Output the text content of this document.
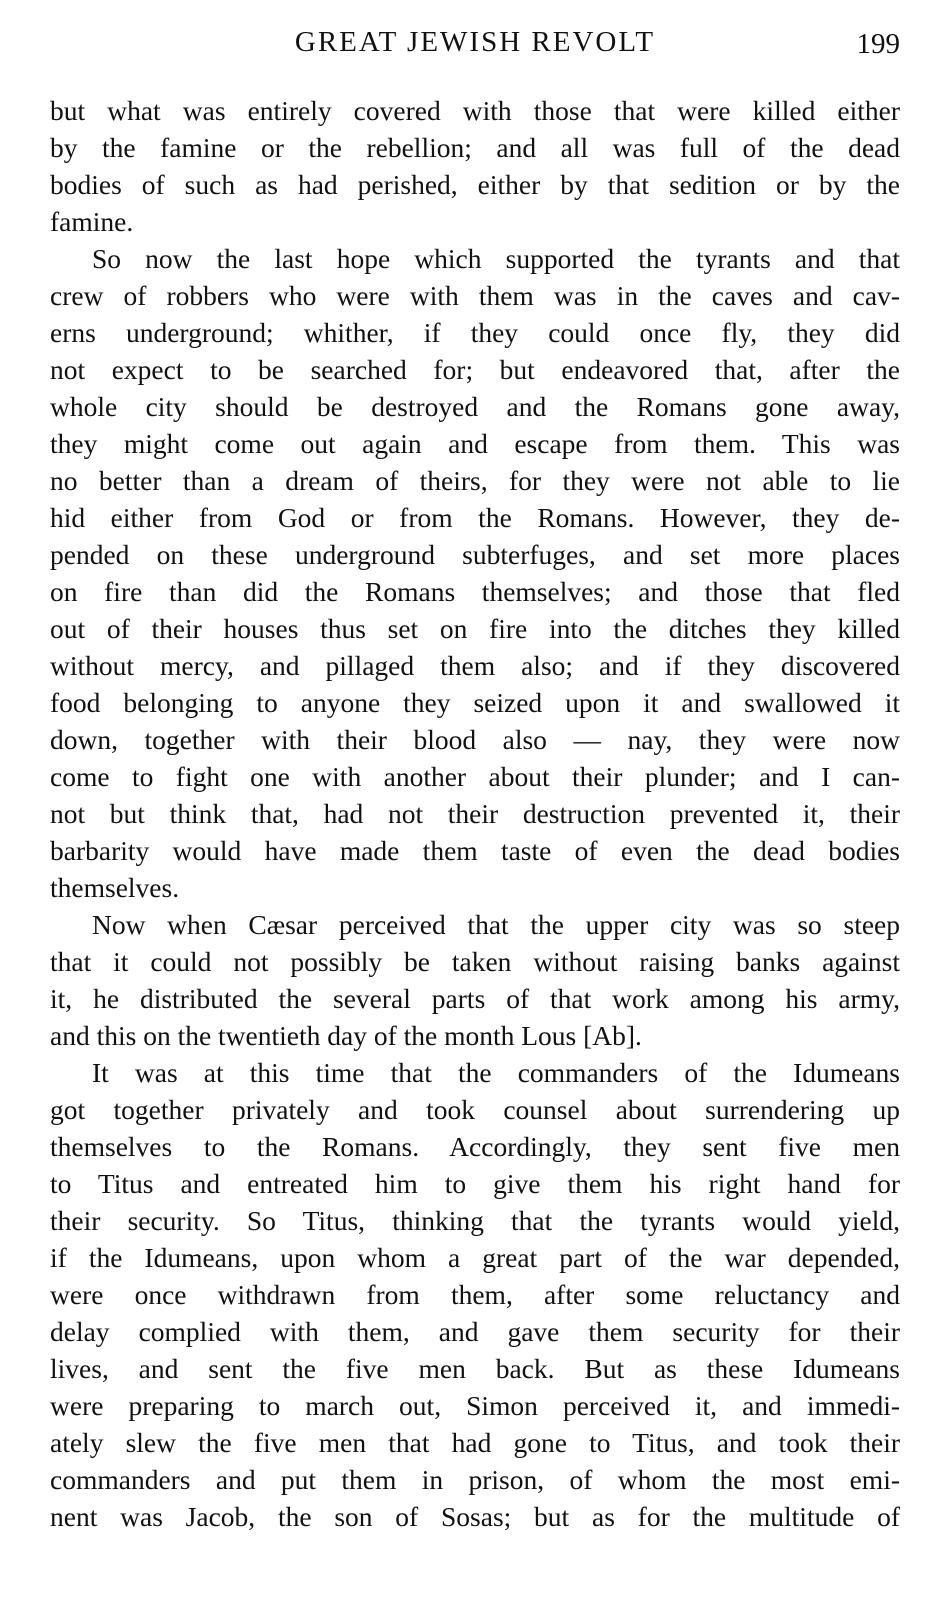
GREAT JEWISH REVOLT	199
but what was entirely covered with those that were killed either
by the famine or the rebellion; and all was full of the dead
bodies of such as had perished, either by that sedition or by the
famine.
So now the last hope which supported the tyrants and that
crew of robbers who were with them was in the caves and cav-
erns underground; whither, if they could once fly, they did
not expect to be searched for; but endeavored that, after the
whole city should be destroyed and the Romans gone away,
they might come out again and escape from them. This was
no better than a dream of theirs, for they were not able to lie
hid either from God or from the Romans. However, they de-
pended on these underground subterfuges, and set more places
on fire than did the Romans themselves; and those that fled
out of their houses thus set on fire into the ditches they killed
without mercy, and pillaged them also; and if they discovered
food belonging to anyone they seized upon it and swallowed it
down, together with their blood also — nay, they were now
come to fight one with another about their plunder; and I can-
not but think that, had not their destruction prevented it, their
barbarity would have made them taste of even the dead bodies
themselves.
Now when Cæsar perceived that the upper city was so steep
that it could not possibly be taken without raising banks against
it, he distributed the several parts of that work among his army,
and this on the twentieth day of the month Lous [Ab].
It was at this time that the commanders of the Idumeans
got together privately and took counsel about surrendering up
themselves to the Romans. Accordingly, they sent five men
to Titus and entreated him to give them his right hand for
their security. So Titus, thinking that the tyrants would yield,
if the Idumeans, upon whom a great part of the war depended,
were once withdrawn from them, after some reluctancy and
delay complied with them, and gave them security for their
lives, and sent the five men back. But as these Idumeans
were preparing to march out, Simon perceived it, and immedi-
ately slew the five men that had gone to Titus, and took their
commanders and put them in prison, of whom the most emi-
nent was Jacob, the son of Sosas; but as for the multitude of
